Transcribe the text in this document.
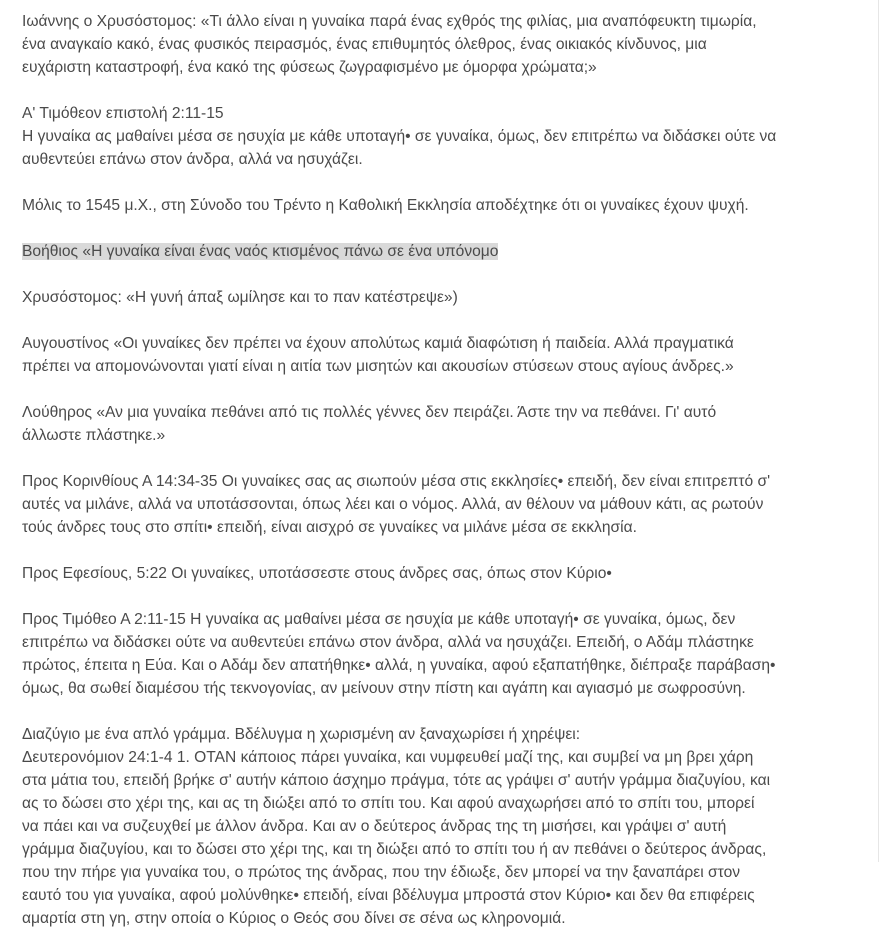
Ιωάννης ο Χρυσόστομος: «Τι άλλο είναι η γυναίκα παρά ένας εχθρός της φιλίας, μια αναπόφευκτη τιμωρία,
ένα αναγκαίο κακό, ένας φυσικός πειρασμός, ένας επιθυμητός όλεθρος, ένας οικιακός κίνδυνος, μια
ευχάριστη καταστροφή, ένα κακό της φύσεως ζωγραφισμένο με όμορφα χρώματα;»
Α' Τιμόθεον επιστολή 2:11-15
Η γυναίκα ας μαθαίνει μέσα σε ησυχία με κάθε υποταγή• σε γυναίκα, όμως, δεν επιτρέπω να διδάσκει ούτε να
αυθεντεύει επάνω στον άνδρα, αλλά να ησυχάζει.
Μόλις το 1545 μ.Χ., στη Σύνοδο του Τρέντο η Καθολική Εκκλησία αποδέχτηκε ότι οι γυναίκες έχουν ψυχή.
Βοήθιος «Η γυναίκα είναι ένας ναός κτισμένος πάνω σε ένα υπόνομο
Χρυσόστομος: «Η γυνή άπαξ ωμίλησε και το παν κατέστρεψε»)
Αυγουστίνος «Οι γυναίκες δεν πρέπει να έχουν απολύτως καμιά διαφώτιση ή παιδεία. Αλλά πραγματικά
πρέπει να απομονώνονται γιατί είναι η αιτία των μισητών και ακουσίων στύσεων στους αγίους άνδρες.»
Λούθηρος «Αν μια γυναίκα πεθάνει από τις πολλές γέννες δεν πειράζει. Άστε την να πεθάνει. Γι' αυτό
άλλωστε πλάστηκε.»
Προς Κορινθίους Α 14:34-35 Οι γυναίκες σας ας σιωπούν μέσα στις εκκλησίες• επειδή, δεν είναι επιτρεπτό σ'
αυτές να μιλάνε, αλλά να υποτάσσονται, όπως λέει και ο νόμος. Αλλά, αν θέλουν να μάθουν κάτι, ας ρωτούν
τούς άνδρες τους στο σπίτι• επειδή, είναι αισχρό σε γυναίκες να μιλάνε μέσα σε εκκλησία.
Προς Εφεσίους, 5:22 Οι γυναίκες, υποτάσσεστε στους άνδρες σας, όπως στον Κύριο•
Προς Τιμόθεο Α 2:11-15 Η γυναίκα ας μαθαίνει μέσα σε ησυχία με κάθε υποταγή• σε γυναίκα, όμως, δεν
επιτρέπω να διδάσκει ούτε να αυθεντεύει επάνω στον άνδρα, αλλά να ησυχάζει. Επειδή, ο Αδάμ πλάστηκε
πρώτος, έπειτα η Εύα. Και ο Αδάμ δεν απατήθηκε• αλλά, η γυναίκα, αφού εξαπατήθηκε, διέπραξε παράβαση•
όμως, θα σωθεί διαμέσου τής τεκνογονίας, αν μείνουν στην πίστη και αγάπη και αγιασμό με σωφροσύνη.
Διαζύγιο με ένα απλό γράμμα. Βδέλυγμα η χωρισμένη αν ξαναχωρίσει ή χηρέψει:
Δευτερονόμιον 24:1-4 1. ΟΤΑΝ κάποιος πάρει γυναίκα, και νυμφευθεί μαζί της, και συμβεί να μη βρει χάρη
στα μάτια του, επειδή βρήκε σ' αυτήν κάποιο άσχημο πράγμα, τότε ας γράψει σ' αυτήν γράμμα διαζυγίου, και
ας το δώσει στο χέρι της, και ας τη διώξει από το σπίτι του. Και αφού αναχωρήσει από το σπίτι του, μπορεί
να πάει και να συζευχθεί με άλλον άνδρα. Και αν ο δεύτερος άνδρας της τη μισήσει, και γράψει σ' αυτή
γράμμα διαζυγίου, και το δώσει στο χέρι της, και τη διώξει από το σπίτι του ή αν πεθάνει ο δεύτερος άνδρας,
που την πήρε για γυναίκα του, ο πρώτος της άνδρας, που την έδιωξε, δεν μπορεί να την ξαναπάρει στον
εαυτό του για γυναίκα, αφού μολύνθηκε• επειδή, είναι βδέλυγμα μπροστά στον Κύριο• και δεν θα επιφέρεις
αμαρτία στη γη, στην οποία ο Κύριος ο Θεός σου δίνει σε σένα ως κληρονομιά.
